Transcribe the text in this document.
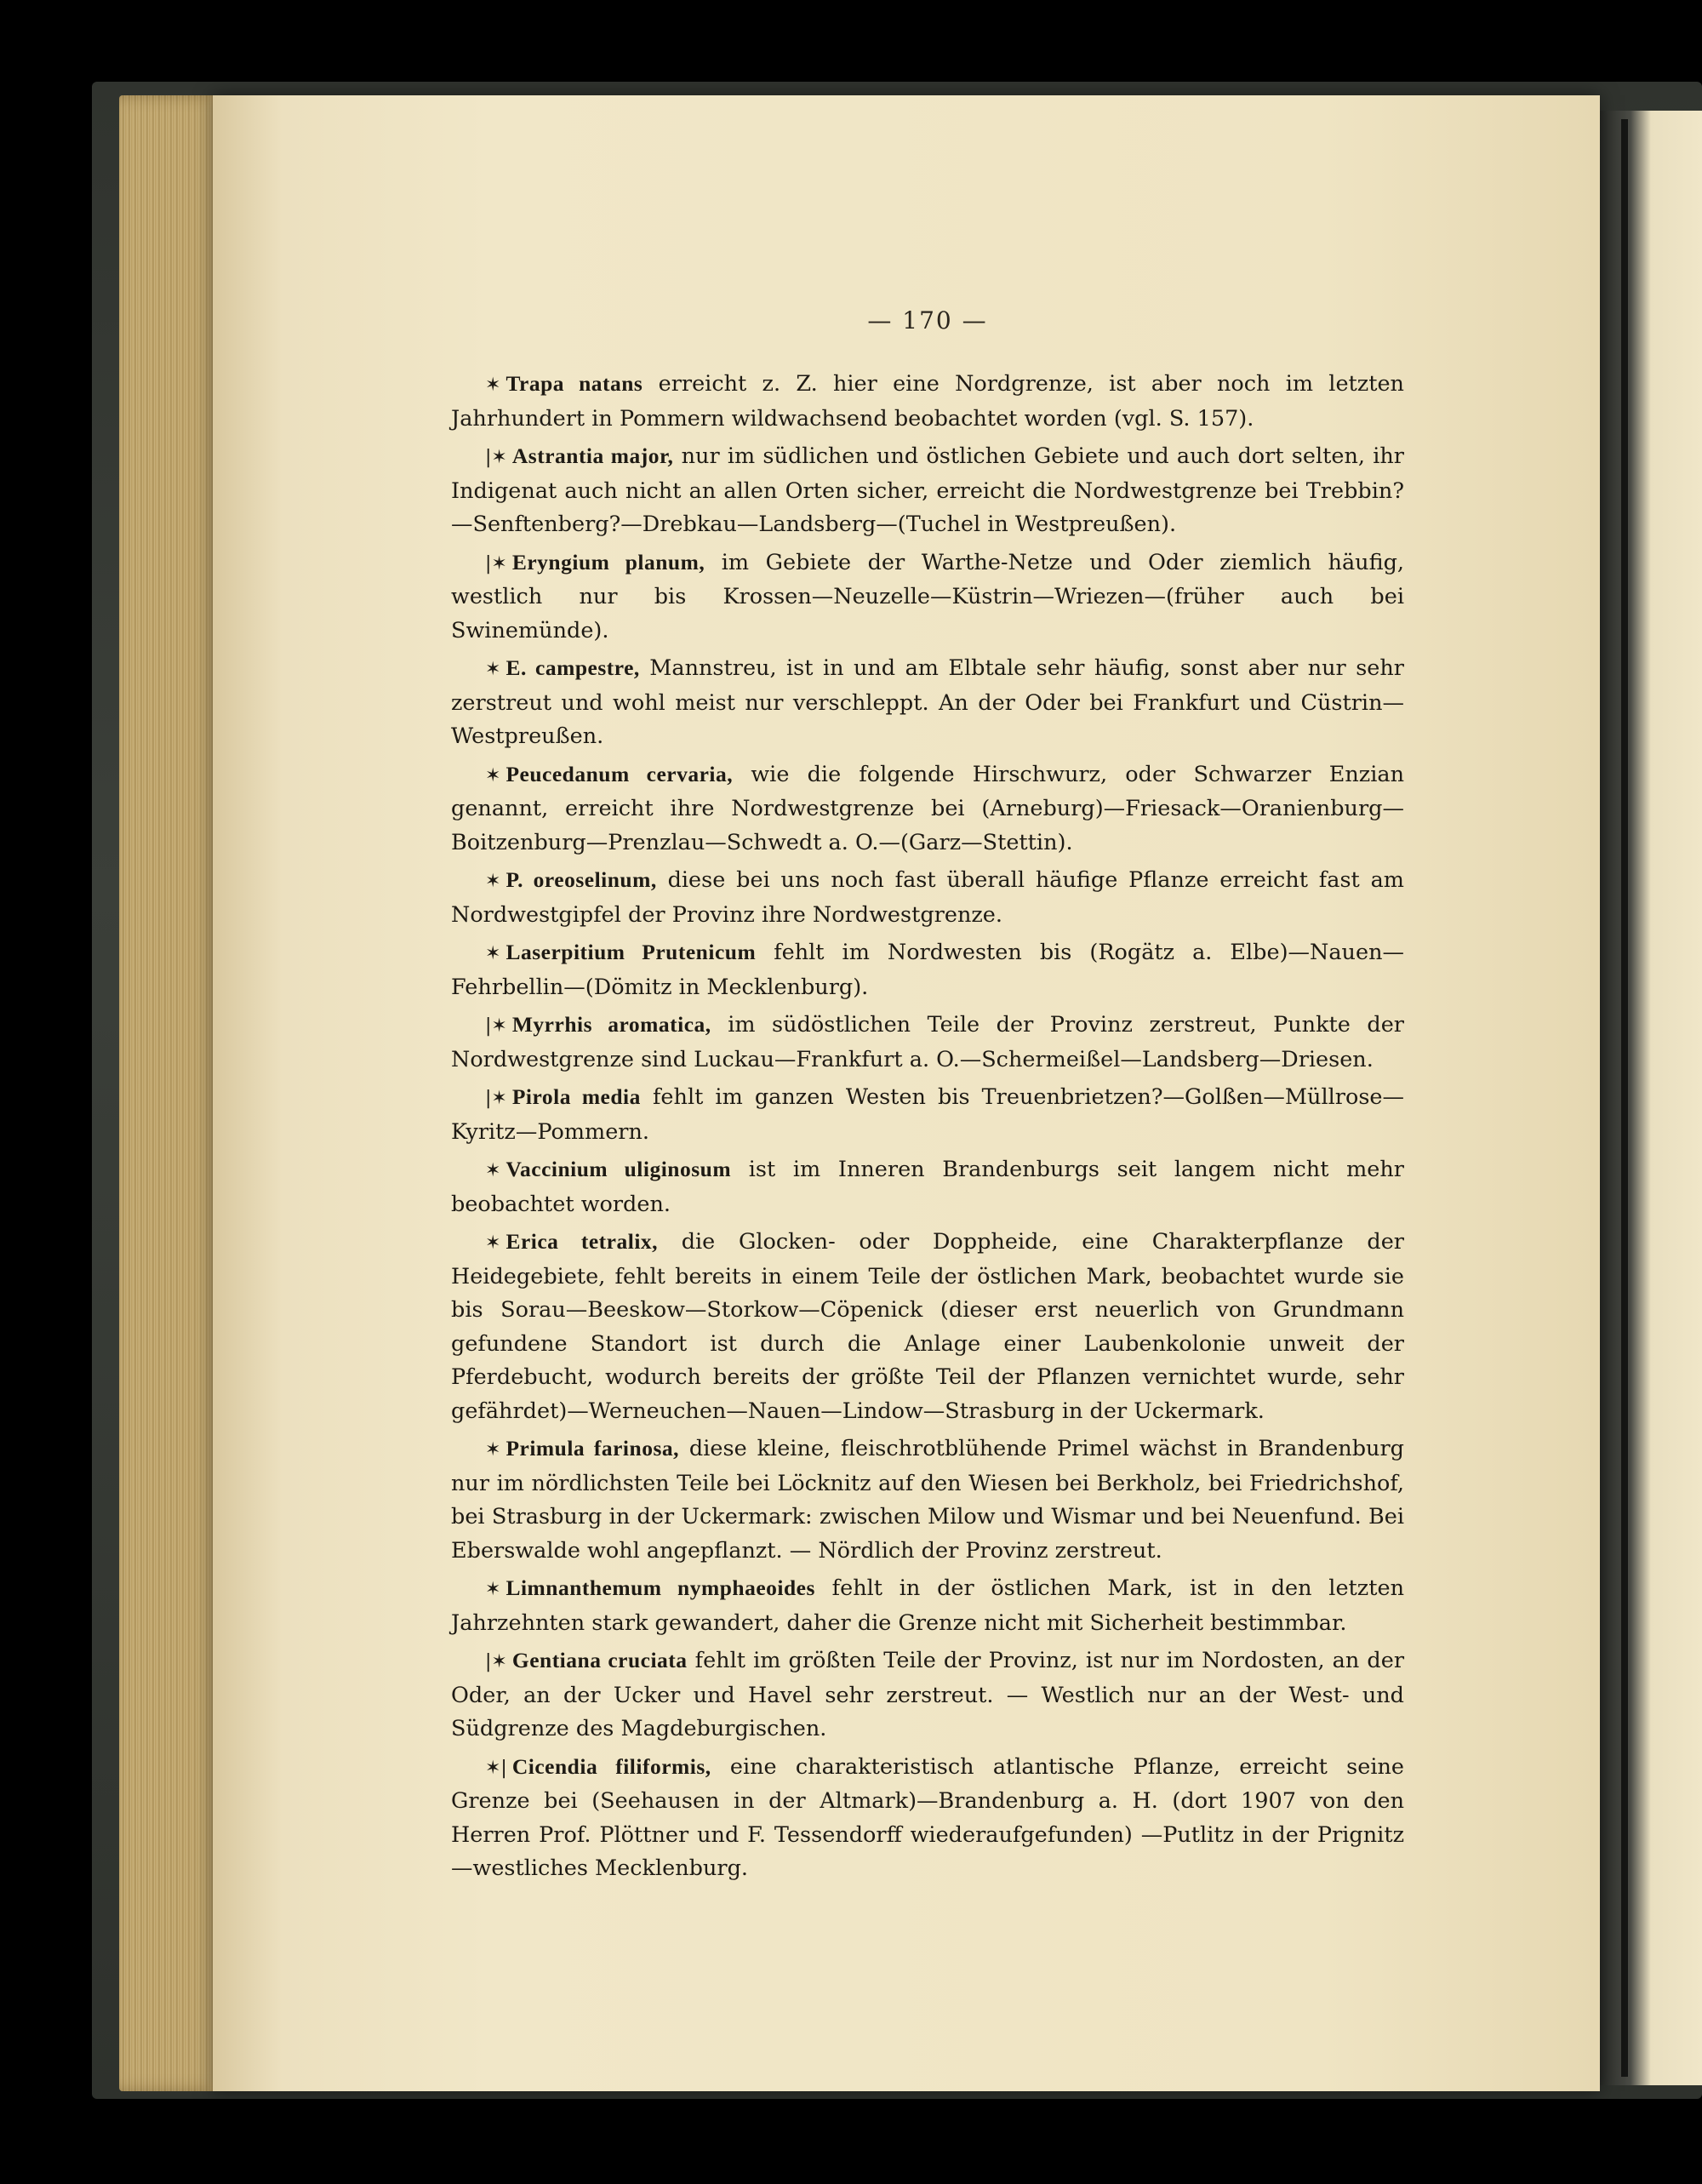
— 170 —

✶ Trapa natans erreicht z. Z. hier eine Nordgrenze, ist aber noch im letzten Jahrhundert in Pommern wildwachsend beobachtet worden (vgl. S. 157).

|✶ Astrantia major, nur im südlichen und östlichen Gebiete und auch dort selten, ihr Indigenat auch nicht an allen Orten sicher, erreicht die Nordwestgrenze bei Trebbin?—Senftenberg?—Drebkau—Landsberg—(Tuchel in Westpreußen).

|✶ Eryngium planum, im Gebiete der Warthe-Netze und Oder ziemlich häufig, westlich nur bis Krossen—Neuzelle—Küstrin—Wriezen—(früher auch bei Swinemünde).

✶ E. campestre, Mannstreu, ist in und am Elbtale sehr häufig, sonst aber nur sehr zerstreut und wohl meist nur verschleppt. An der Oder bei Frankfurt und Cüstrin—Westpreußen.

✶ Peucedanum cervaria, wie die folgende Hirschwurz, oder Schwarzer Enzian genannt, erreicht ihre Nordwestgrenze bei (Arneburg)—Friesack—Oranienburg—Boitzenburg—Prenzlau—Schwedt a. O.—(Garz—Stettin).

✶ P. oreoselinum, diese bei uns noch fast überall häufige Pflanze erreicht fast am Nordwestgipfel der Provinz ihre Nordwestgrenze.

✶ Laserpitium Prutenicum fehlt im Nordwesten bis (Rogätz a. Elbe)—Nauen—Fehrbellin—(Dömitz in Mecklenburg).

|✶ Myrrhis aromatica, im südöstlichen Teile der Provinz zerstreut, Punkte der Nordwestgrenze sind Luckau—Frankfurt a. O.—Schermeißel—Landsberg—Driesen.

|✶ Pirola media fehlt im ganzen Westen bis Treuenbrietzen?—Golßen—Müllrose—Kyritz—Pommern.

✶ Vaccinium uliginosum ist im Inneren Brandenburgs seit langem nicht mehr beobachtet worden.

✶ Erica tetralix, die Glocken- oder Doppheide, eine Charakterpflanze der Heidegebiete, fehlt bereits in einem Teile der östlichen Mark, beobachtet wurde sie bis Sorau—Beeskow—Storkow—Cöpenick (dieser erst neuerlich von Grundmann gefundene Standort ist durch die Anlage einer Laubenkolonie unweit der Pferdebucht, wodurch bereits der größte Teil der Pflanzen vernichtet wurde, sehr gefährdet)—Werneuchen—Nauen—Lindow—Strasburg in der Uckermark.

✶ Primula farinosa, diese kleine, fleischrotblühende Primel wächst in Brandenburg nur im nördlichsten Teile bei Löcknitz auf den Wiesen bei Berkholz, bei Friedrichshof, bei Strasburg in der Uckermark: zwischen Milow und Wismar und bei Neuenfund. Bei Eberswalde wohl angepflanzt. — Nördlich der Provinz zerstreut.

✶ Limnanthemum nymphaeoides fehlt in der östlichen Mark, ist in den letzten Jahrzehnten stark gewandert, daher die Grenze nicht mit Sicherheit bestimmbar.

|✶ Gentiana cruciata fehlt im größten Teile der Provinz, ist nur im Nordosten, an der Oder, an der Ucker und Havel sehr zerstreut. — Westlich nur an der West- und Südgrenze des Magdeburgischen.

✶| Cicendia filiformis, eine charakteristisch atlantische Pflanze, erreicht seine Grenze bei (Seehausen in der Altmark)—Brandenburg a. H. (dort 1907 von den Herren Prof. Plöttner und F. Tessendorff wiederaufgefunden) —Putlitz in der Prignitz—westliches Mecklenburg.
